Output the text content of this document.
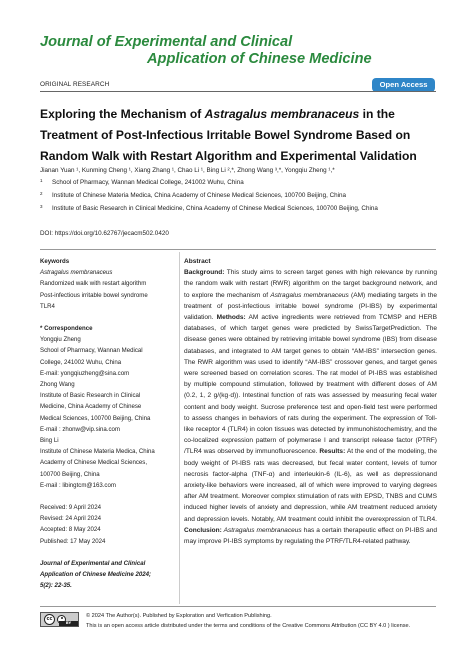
Journal of Experimental and Clinical
Application of Chinese Medicine
ORIGINAL RESEARCH	Open Access
Exploring the Mechanism of Astragalus membranaceus in the Treatment of Post-Infectious Irritable Bowel Syndrome Based on Random Walk with Restart Algorithm and Experimental Validation
Jianan Yuan ¹, Kunming Cheng ¹, Xiang Zhang ¹, Chao Li ¹, Bing Li ²,*, Zhong Wang ³,*, Yongqiu Zheng ¹,*
1 School of Pharmacy, Wannan Medical College, 241002 Wuhu, China
2 Institute of Chinese Materia Medica, China Academy of Chinese Medical Sciences, 100700 Beijing, China
3 Institute of Basic Research in Clinical Medicine, China Academy of Chinese Medical Sciences, 100700 Beijing, China
DOI: https://doi.org/10.62767/jecacm502.0420
Keywords
Astragalus membranaceus
Randomized walk with restart algorithm
Post-infectious irritable bowel syndrome
TLR4
* Correspondence
Yongqiu Zheng
School of Pharmacy, Wannan Medical
College, 241002 Wuhu, China
E-mail: yongqiuzheng@sina.com
Zhong Wang
Institute of Basic Research in Clinical
Medicine, China Academy of Chinese
Medical Sciences, 100700 Beijing, China
E-mail : zhonw@vip.sina.com
Bing Li
Institute of Chinese Materia Medica, China
Academy of Chinese Medical Sciences,
100700 Beijing, China
E-mail : libingtcm@163.com
Received: 9 April 2024
Revised: 24 April 2024
Accepted: 8 May 2024
Published: 17 May 2024
Journal of Experimental and Clinical
Application of Chinese Medicine 2024;
5(2): 22-35.
Abstract
Background: This study aims to screen target genes with high relevance by running the random walk with restart (RWR) algorithm on the target background network, and to explore the mechanism of Astragalus membranaceus (AM) mediating targets in the treatment of post-infectious irritable bowel syndrome (PI-IBS) by experimental validation. Methods: AM active ingredients were retrieved from TCMSP and HERB databases, of which target genes were predicted by SwissTargetPrediction. The disease genes were obtained by retrieving irritable bowel syndrome (IBS) from disease databases, and integrated to AM target genes to obtain “AM-IBS” intersection genes. The RWR algorithm was used to identify “AM-IBS” crossover genes, and target genes were screened based on correlation scores. The rat model of PI-IBS was established by multiple compound stimulation, followed by treatment with different doses of AM (0.2, 1, 2 g/(kg·d)). Intestinal function of rats was assessed by measuring fecal water content and body weight. Sucrose preference test and open-field test were performed to assess changes in behaviors of rats during the experiment. The expression of Toll-like receptor 4 (TLR4) in colon tissues was detected by immunohistochemistry, and the co-localized expression pattern of polymerase I and transcript release factor (PTRF) /TLR4 was observed by immunofluorescence. Results: At the end of the modeling, the body weight of PI-IBS rats was decreased, but fecal water content, levels of tumor necrosis factor-alpha (TNF-α) and interleukin-6 (IL-6), as well as depressionand anxiety-like behaviors were increased, all of which were improved to varying degrees after AM treatment. Moreover complex stimulation of rats with EPSD, TNBS and CUMS induced higher levels of anxiety and depression, while AM treatment reduced anxiety and depression levels. Notably, AM treatment could inhibit the overexpression of TLR4. Conclusion: Astragalus membranaceus has a certain therapeutic effect on PI-IBS and may improve PI-IBS symptoms by regulating the PTRF/TLR4-related pathway.
cc
BY
© 2024 The Author(s). Published by Exploration and Verfication Publishing.
This is an open access article distributed under the terms and conditions of the Creative Commons Attribution (CC BY 4.0 ) license.
